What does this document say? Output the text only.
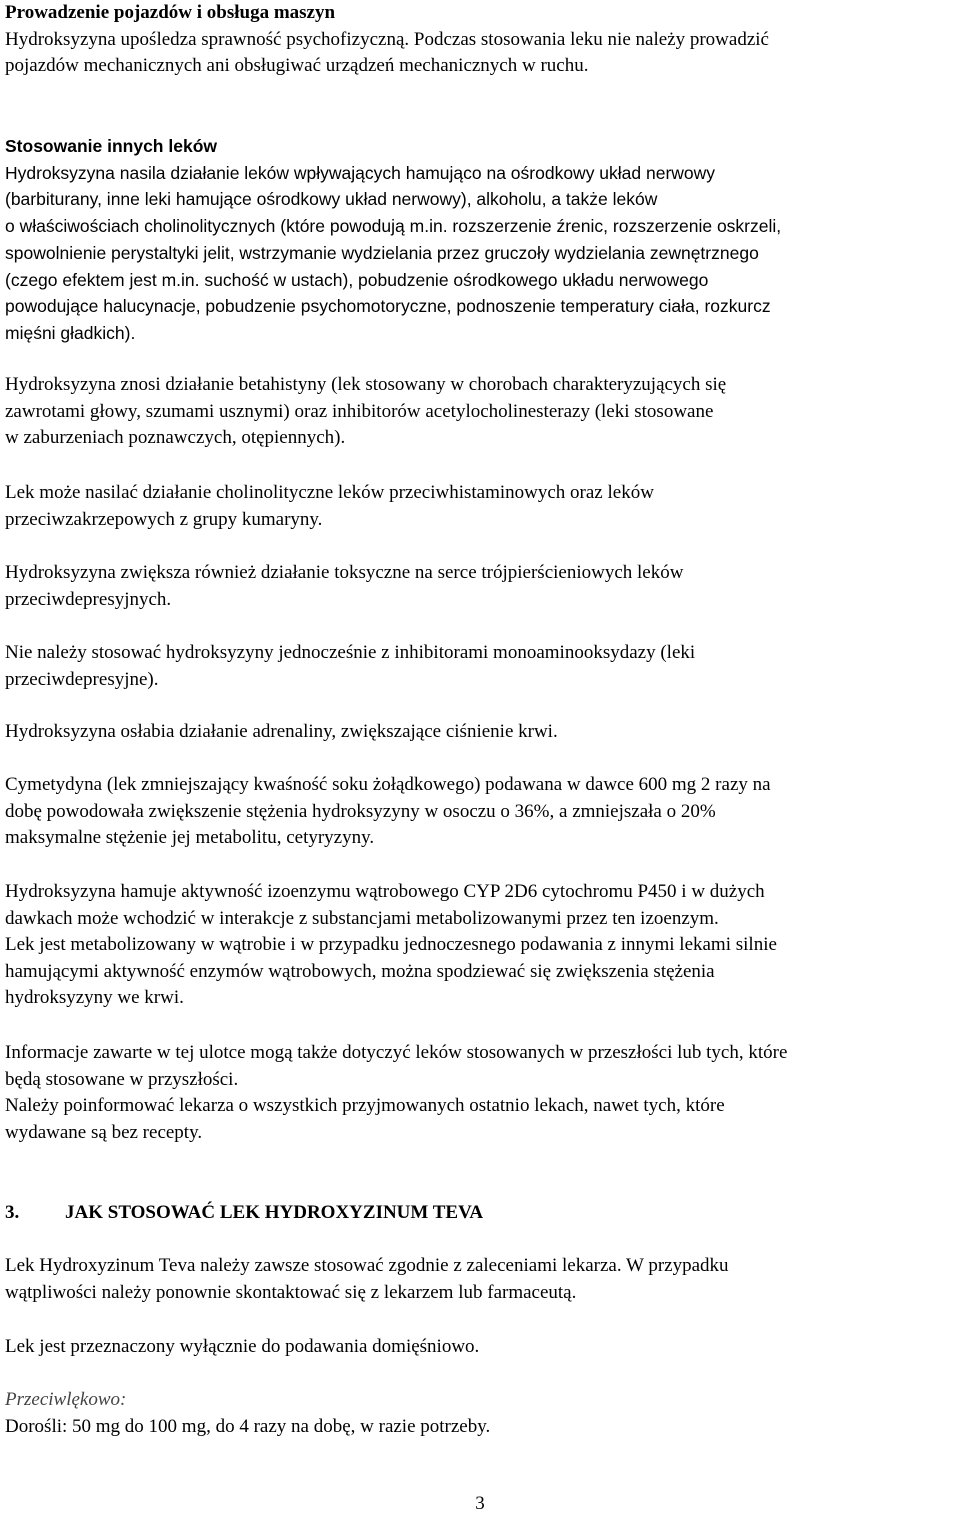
Prowadzenie pojazdów i obsługa maszyn

Hydroksyzyna upośledza sprawność psychofizyczną. Podczas stosowania leku nie należy prowadzić

pojazdów mechanicznych ani obsługiwać urządzeń mechanicznych w ruchu.

Stosowanie innych leków

Hydroksyzyna nasila działanie leków wpływających hamująco na ośrodkowy układ nerwowy

(barbiturany, inne leki hamujące ośrodkowy układ nerwowy), alkoholu, a także leków

o właściwościach cholinolitycznych (które powodują m.in. rozszerzenie źrenic, rozszerzenie oskrzeli,

spowolnienie perystaltyki jelit, wstrzymanie wydzielania przez gruczoły wydzielania zewnętrznego

(czego efektem jest m.in. suchość w ustach), pobudzenie ośrodkowego układu nerwowego

powodujące halucynacje, pobudzenie psychomotoryczne, podnoszenie temperatury ciała, rozkurcz

mięśni gładkich).

Hydroksyzyna znosi działanie betahistyny (lek stosowany w chorobach charakteryzujących się

zawrotami głowy, szumami usznymi) oraz inhibitorów acetylocholinesterazy (leki stosowane

w zaburzeniach poznawczych, otępiennych).

Lek może nasilać działanie cholinolityczne leków przeciwhistaminowych oraz leków

przeciwzakrzepowych z grupy kumaryny.

Hydroksyzyna zwiększa również działanie toksyczne na serce trójpierścieniowych leków

przeciwdepresyjnych.

Nie należy stosować hydroksyzyny jednocześnie z inhibitorami monoaminooksydazy (leki

przeciwdepresyjne).

Hydroksyzyna osłabia działanie adrenaliny, zwiększające ciśnienie krwi.

Cymetydyna (lek zmniejszający kwaśność soku żołądkowego) podawana w dawce 600 mg 2 razy na

dobę powodowała zwiększenie stężenia hydroksyzyny w osoczu o 36%, a zmniejszała o 20%

maksymalne stężenie jej metabolitu, cetyryzyny.

Hydroksyzyna hamuje aktywność izoenzymu wątrobowego CYP 2D6 cytochromu P450 i w dużych

dawkach może wchodzić w interakcje z substancjami metabolizowanymi przez ten izoenzym.

Lek jest metabolizowany w wątrobie i w przypadku jednoczesnego podawania z innymi lekami silnie

hamującymi aktywność enzymów wątrobowych, można spodziewać się zwiększenia stężenia

hydroksyzyny we krwi.

Informacje zawarte w tej ulotce mogą także dotyczyć leków stosowanych w przeszłości lub tych, które

będą stosowane w przyszłości.

Należy poinformować lekarza o wszystkich przyjmowanych ostatnio lekach, nawet tych, które

wydawane są bez recepty.

3. JAK STOSOWAĆ LEK HYDROXYZINUM TEVA

Lek Hydroxyzinum Teva należy zawsze stosować zgodnie z zaleceniami lekarza. W przypadku

wątpliwości należy ponownie skontaktować się z lekarzem lub farmaceutą.

Lek jest przeznaczony wyłącznie do podawania domięśniowo.

Przeciwlękowo:

Dorośli: 50 mg do 100 mg, do 4 razy na dobę, w razie potrzeby.

3
